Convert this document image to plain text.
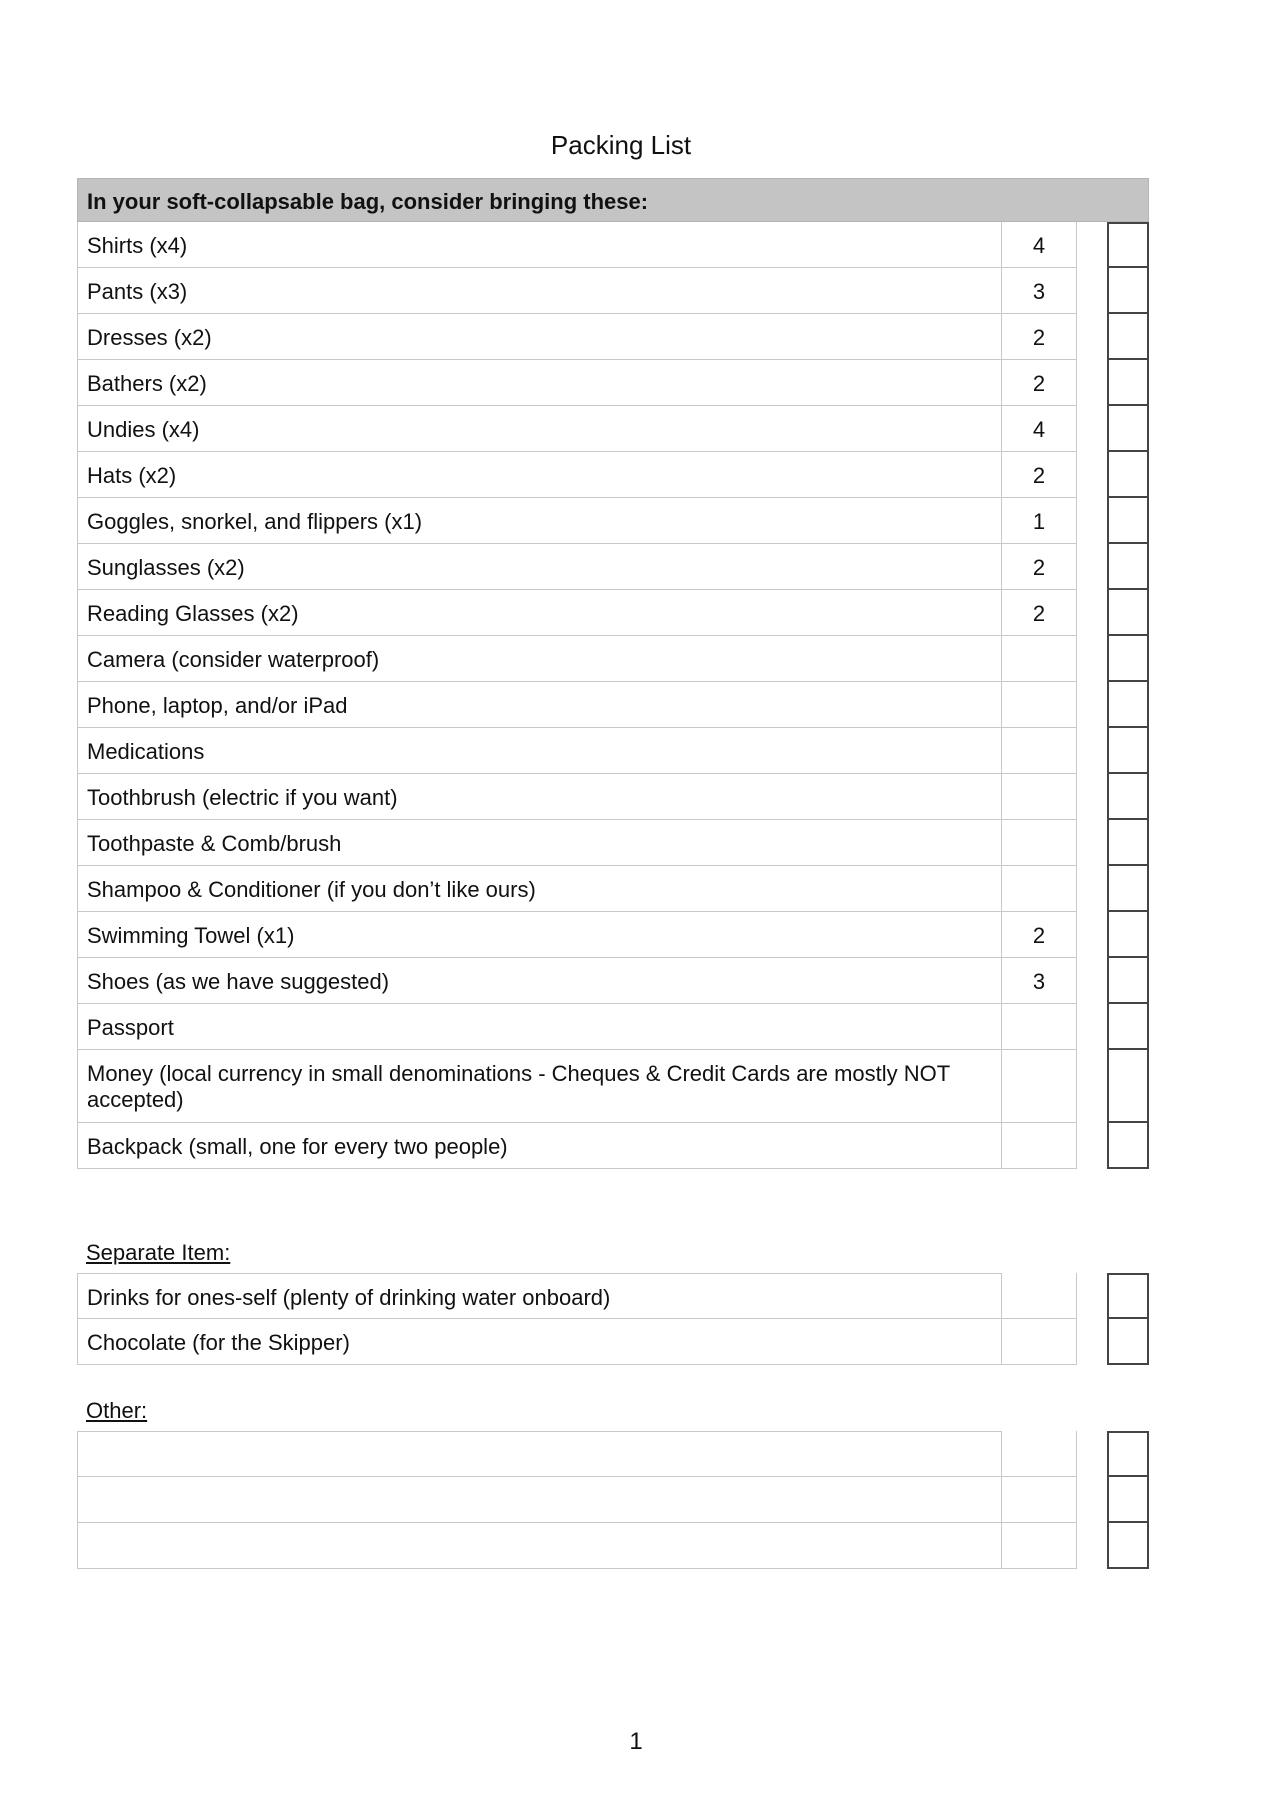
Packing List
In your soft-collapsable bag, consider bringing these:
Shirts (x4)	4
Pants (x3)	3
Dresses (x2)	2
Bathers (x2)	2
Undies (x4)	4
Hats (x2)	2
Goggles, snorkel, and flippers (x1)	1
Sunglasses (x2)	2
Reading Glasses (x2)	2
Camera (consider waterproof)
Phone, laptop, and/or iPad
Medications
Toothbrush (electric if you want)
Toothpaste & Comb/brush
Shampoo & Conditioner (if you don’t like ours)
Swimming Towel (x1)	2
Shoes (as we have suggested)	3
Passport
Money (local currency in small denominations - Cheques & Credit Cards are mostly NOT accepted)
Backpack (small, one for every two people)
Separate Item:
Drinks for ones-self (plenty of drinking water onboard)
Chocolate (for the Skipper)
Other:
1
